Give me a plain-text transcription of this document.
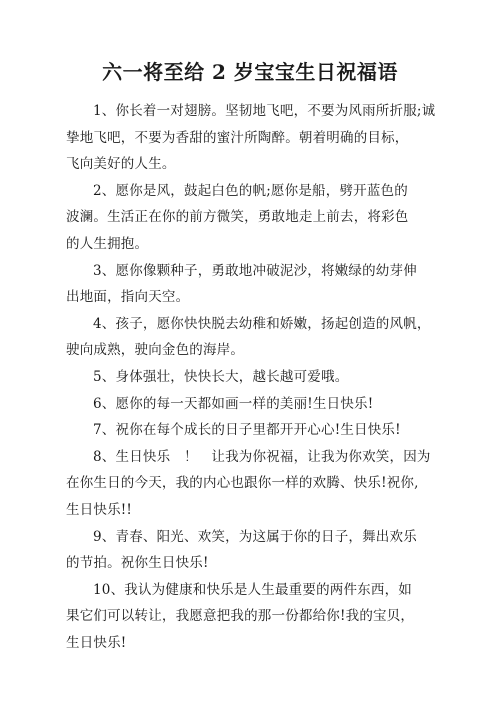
六一将至给 2 岁宝宝生日祝福语

1、你长着一对翅膀。坚韧地飞吧，不要为风雨所折服;诚
挚地飞吧，不要为香甜的蜜汁所陶醉。朝着明确的目标，
飞向美好的人生。

2、愿你是风，鼓起白色的帆;愿你是船，劈开蓝色的
波澜。生活正在你的前方微笑，勇敢地走上前去，将彩色
的人生拥抱。

3、愿你像颗种子，勇敢地冲破泥沙，将嫩绿的幼芽伸
出地面，指向天空。

4、孩子，愿你快快脱去幼稚和娇嫩，扬起创造的风帆，
驶向成熟，驶向金色的海岸。

5、身体强壮，快快长大，越长越可爱哦。

6、愿你的每一天都如画一样的美丽!生日快乐!

7、祝你在每个成长的日子里都开开心心!生日快乐!

8、生日快乐　！　让我为你祝福，让我为你欢笑，因为
在你生日的今天，我的内心也跟你一样的欢腾、快乐!祝你,
生日快乐!!

9、青春、阳光、欢笑，为这属于你的日子，舞出欢乐
的节拍。祝你生日快乐!

10、我认为健康和快乐是人生最重要的两件东西，如
果它们可以转让，我愿意把我的那一份都给你!我的宝贝，
生日快乐!
